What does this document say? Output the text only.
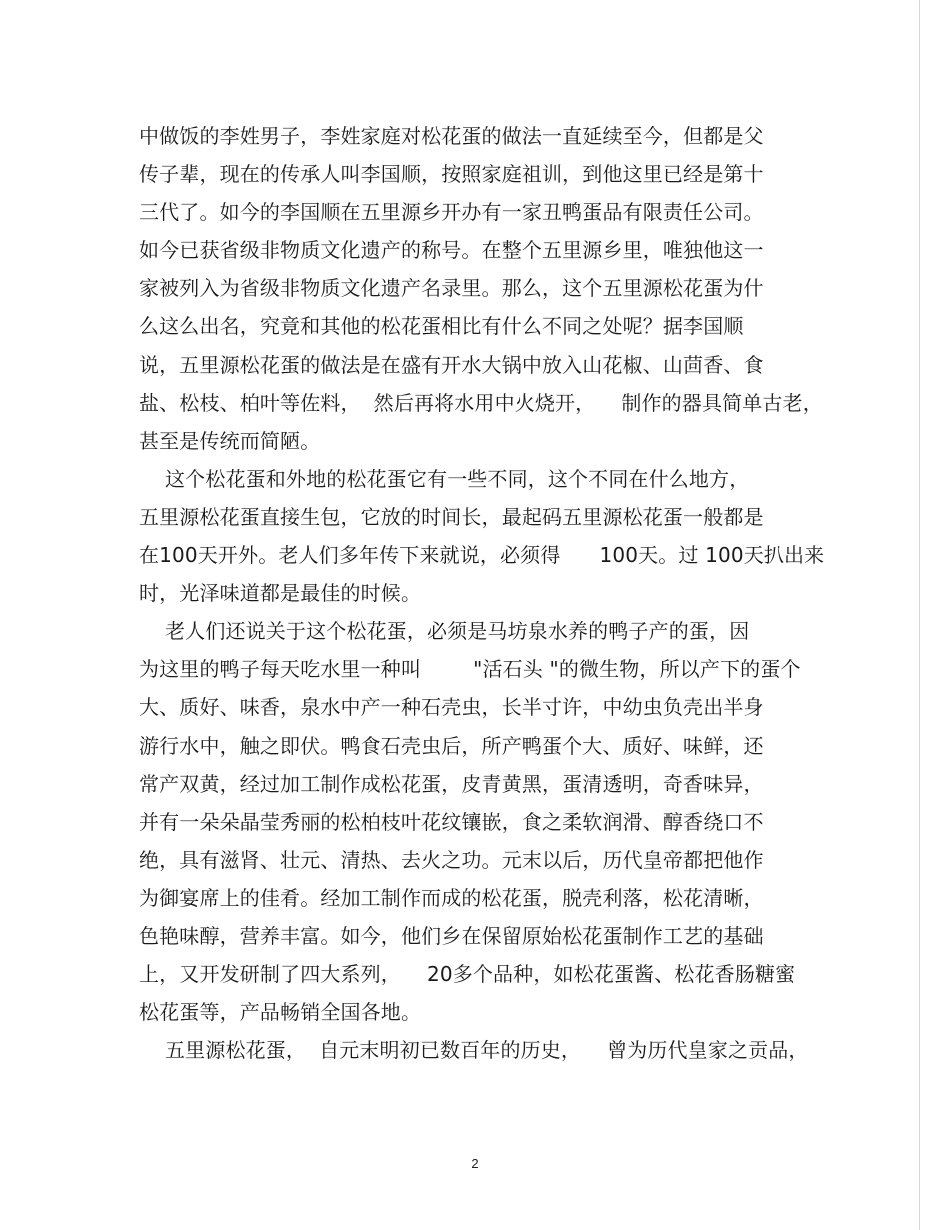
中做饭的李姓男子，李姓家庭对松花蛋的做法一直延续至今，但都是父
传子辈，现在的传承人叫李国顺，按照家庭祖训，到他这里已经是第十
三代了。如今的李国顺在五里源乡开办有一家丑鸭蛋品有限责任公司。
如今已获省级非物质文化遗产的称号。在整个五里源乡里，唯独他这一
家被列入为省级非物质文化遗产名录里。那么，这个五里源松花蛋为什
么这么出名，究竟和其他的松花蛋相比有什么不同之处呢？据李国顺
说，五里源松花蛋的做法是在盛有开水大锅中放入山花椒、山茴香、食
盐、松枝、柏叶等佐料，  然后再将水用中火烧开，    制作的器具简单古老，
甚至是传统而简陋。
这个松花蛋和外地的松花蛋它有一些不同，这个不同在什么地方，
五里源松花蛋直接生包，它放的时间长，最起码五里源松花蛋一般都是
在100天开外。老人们多年传下来就说，必须得      100天。过 100天扒出来
时，光泽味道都是最佳的时候。
老人们还说关于这个松花蛋，必须是马坊泉水养的鸭子产的蛋，因
为这里的鸭子每天吃水里一种叫        "活石头 "的微生物，所以产下的蛋个
大、质好、味香，泉水中产一种石壳虫，长半寸许，中幼虫负壳出半身
游行水中，触之即伏。鸭食石壳虫后，所产鸭蛋个大、质好、味鲜，还
常产双黄，经过加工制作成松花蛋，皮青黄黑，蛋清透明，奇香味异，
并有一朵朵晶莹秀丽的松柏枝叶花纹镶嵌，食之柔软润滑、醇香绕口不
绝，具有滋肾、壮元、清热、去火之功。元末以后，历代皇帝都把他作
为御宴席上的佳肴。经加工制作而成的松花蛋，脱壳利落，松花清晰，
色艳味醇，营养丰富。如今，他们乡在保留原始松花蛋制作工艺的基础
上，又开发研制了四大系列，    20多个品种，如松花蛋酱、松花香肠糖蜜
松花蛋等，产品畅销全国各地。
五里源松花蛋，  自元末明初已数百年的历史，    曾为历代皇家之贡品，
2
